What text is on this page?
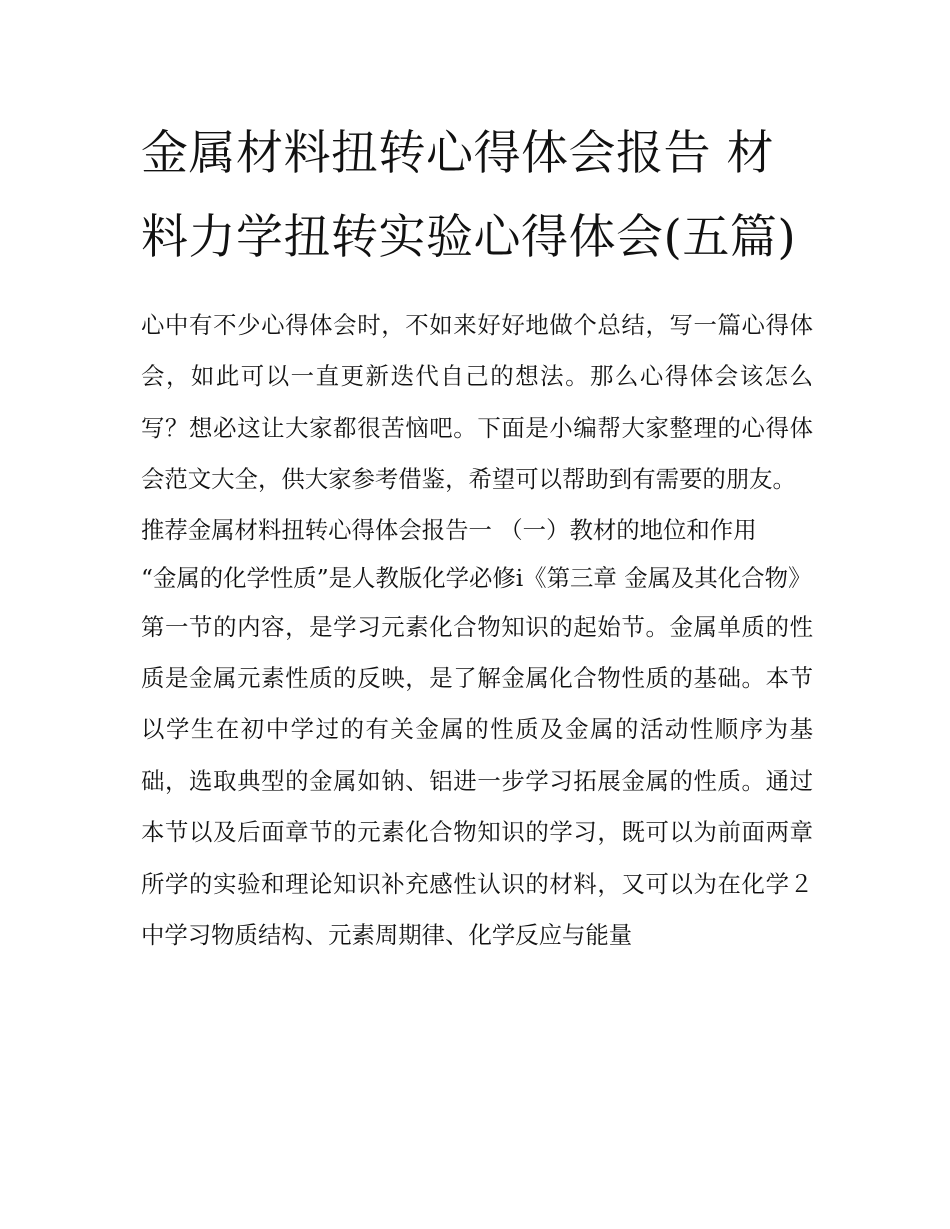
金属材料扭转心得体会报告 材料力学扭转实验心得体会(五篇)

心中有不少心得体会时，不如来好好地做个总结，写一篇心得体会，如此可以一直更新迭代自己的想法。那么心得体会该怎么写？想必这让大家都很苦恼吧。下面是小编帮大家整理的心得体会范文大全，供大家参考借鉴，希望可以帮助到有需要的朋友。

推荐金属材料扭转心得体会报告一 （一）教材的地位和作用

“金属的化学性质”是人教版化学必修ⅰ《第三章 金属及其化合物》

第一节的内容，是学习元素化合物知识的起始节。金属单质的性质是金属元素性质的反映，是了解金属化合物性质的基础。本节以学生在初中学过的有关金属的性质及金属的活动性顺序为基础，选取典型的金属如钠、铝进一步学习拓展金属的性质。通过本节以及后面章节的元素化合物知识的学习，既可以为前面两章所学的实验和理论知识补充感性认识的材料，又可以为在化学２中学习物质结构、元素周期律、化学反应与能量
